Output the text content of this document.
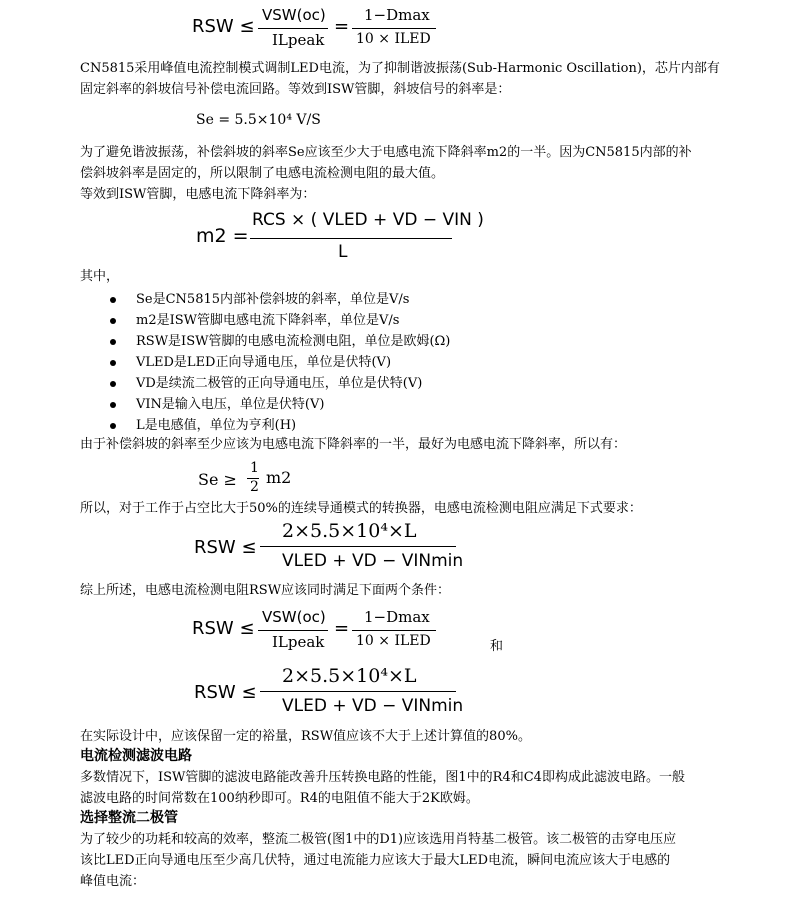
RSW ≤
VSW(oc)
ILpeak
=
1−Dmax
10 × ILED
CN5815采用峰值电流控制模式调制LED电流，为了抑制谐波振荡(Sub-Harmonic Oscillation)，芯片内部有
固定斜率的斜坡信号补偿电流回路。等效到ISW管脚，斜坡信号的斜率是：
Se = 5.5×10⁴ V/S
为了避免谐波振荡，补偿斜坡的斜率Se应该至少大于电感电流下降斜率m2的一半。因为CN5815内部的补
偿斜坡斜率是固定的，所以限制了电感电流检测电阻的最大值。
等效到ISW管脚，电感电流下降斜率为：
m2 =
RCS × ( VLED + VD − VIN )
L
其中，
Se是CN5815内部补偿斜坡的斜率，单位是V/s
m2是ISW管脚电感电流下降斜率，单位是V/s
RSW是ISW管脚的电感电流检测电阻，单位是欧姆(Ω)
VLED是LED正向导通电压，单位是伏特(V)
VD是续流二极管的正向导通电压，单位是伏特(V)
VIN是输入电压，单位是伏特(V)
L是电感值，单位为亨利(H)
由于补偿斜坡的斜率至少应该为电感电流下降斜率的一半，最好为电感电流下降斜率，所以有：
Se ≥
1
2 m2
所以，对于工作于占空比大于50%的连续导通模式的转换器，电感电流检测电阻应满足下式要求：
RSW ≤
2×5.5×10⁴×L
VLED + VD − VINmin
综上所述，电感电流检测电阻RSW应该同时满足下面两个条件：
RSW ≤
VSW(oc)
ILpeak
=
1−Dmax
10 × ILED	和
RSW ≤
2×5.5×10⁴×L
VLED + VD − VINmin
在实际设计中，应该保留一定的裕量，RSW值应该不大于上述计算值的80%。
电流检测滤波电路
多数情况下，ISW管脚的滤波电路能改善升压转换电路的性能，图1中的R4和C4即构成此滤波电路。一般
滤波电路的时间常数在100纳秒即可。R4的电阻值不能大于2K欧姆。
选择整流二极管
为了较少的功耗和较高的效率，整流二极管(图1中的D1)应该选用肖特基二极管。该二极管的击穿电压应
该比LED正向导通电压至少高几伏特，通过电流能力应该大于最大LED电流，瞬间电流应该大于电感的
峰值电流：
